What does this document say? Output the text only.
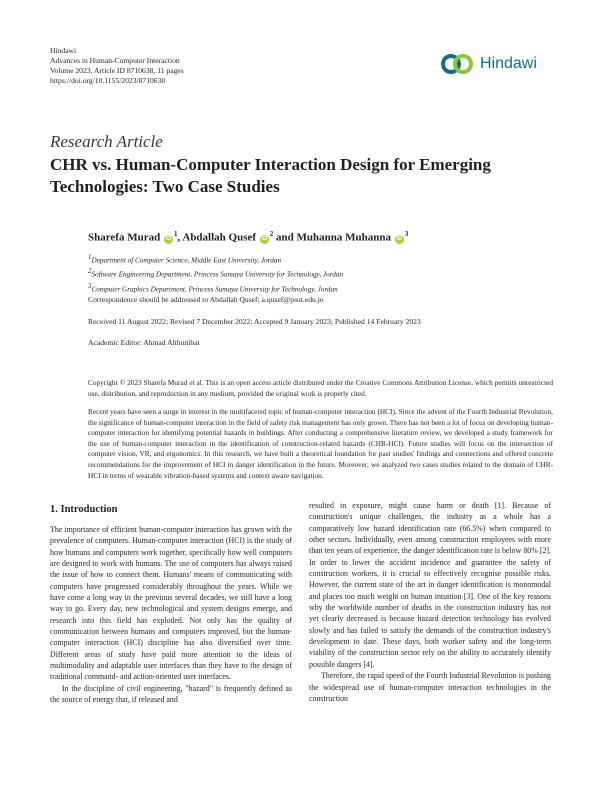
Hindawi
Advances in Human-Computer Interaction
Volume 2023, Article ID 8710638, 11 pages
https://doi.org/10.1155/2023/8710638
Hindawi
Research Article
CHR vs. Human-Computer Interaction Design for Emerging Technologies: Two Case Studies
Sharefa Murad $iD^1$, Abdallah Qusef $iD^2$ and Muhanna Muhanna $iD^3$
$^1$Department of Computer Science, Middle East University, Jordan
$^2$Software Engineering Department, Princess Sumaya University for Technology, Jordan
$^3$Computer Graphics Department, Princess Sumaya University for Technology, Jordan
Correspondence should be addressed to Abdallah Qusef; a.qusef@psut.edu.jo
Received 11 August 2022; Revised 7 December 2022; Accepted 9 January 2023; Published 14 February 2023
Academic Editor: Ahmad Althunibat
Copyright © 2023 Sharefa Murad et al. This is an open access article distributed under the Creative Commons Attribution License, which permits unrestricted use, distribution, and reproduction in any medium, provided the original work is properly cited.
Recent years have seen a surge in interest in the multifaceted topic of human-computer interaction (HCI). Since the advent of the Fourth Industrial Revolution, the significance of human-computer interaction in the field of safety risk management has only grown. There has not been a lot of focus on developing human-computer interaction for identifying potential hazards in buildings. After conducting a comprehensive literature review, we developed a study framework for the use of human-computer interaction in the identification of construction-related hazards (CHR-HCI). Future studies will focus on the intersection of computer vision, VR, and ergonomics. In this research, we have built a theoretical foundation for past studies' findings and connections and offered concrete recommendations for the improvement of HCI in danger identification in the future. Moreover, we analyzed two cases studies related to the domain of CHR-HCI in terms of wearable vibration-based systems and context aware navigation.
1. Introduction

The importance of efficient human-computer interaction has grown with the prevalence of computers. Human-computer interaction (HCI) is the study of how humans and computers work together, specifically how well computers are designed to work with humans. The use of computers has always raised the issue of how to connect them. Humans' means of communicating with computers have progressed considerably throughout the years. While we have come a long way in the previous several decades, we still have a long way to go. Every day, new technological and system designs emerge, and research into this field has exploded. Not only has the quality of communication between humans and computers improved, but the human-computer interaction (HCI) discipline has also diversified over time. Different areas of study have paid more attention to the ideas of multimodality and adaptable user interfaces than they have to the design of traditional command- and action-oriented user interfaces.

In the discipline of civil engineering, "hazard" is frequently defined as the source of energy that, if released and

resulted in exposure, might cause harm or death [1]. Because of construction's unique challenges, the industry as a whole has a comparatively low hazard identification rate (66.5%) when compared to other sectors. Individually, even among construction employees with more than ten years of experience, the danger identification rate is below 80% [2]. In order to lower the accident incidence and guarantee the safety of construction workers, it is crucial to effectively recognise possible risks. However, the current state of the art in danger identification is monomodal and places too much weight on human intuition [3]. One of the key reasons why the worldwide number of deaths in the construction industry has not yet clearly decreased is because hazard detection technology has evolved slowly and has failed to satisfy the demands of the construction industry's development to date. These days, both worker safety and the long-term viability of the construction sector rely on the ability to accurately identify possible dangers [4].

Therefore, the rapid speed of the Fourth Industrial Revolution is pushing the widespread use of human-computer interaction technologies in the construction
